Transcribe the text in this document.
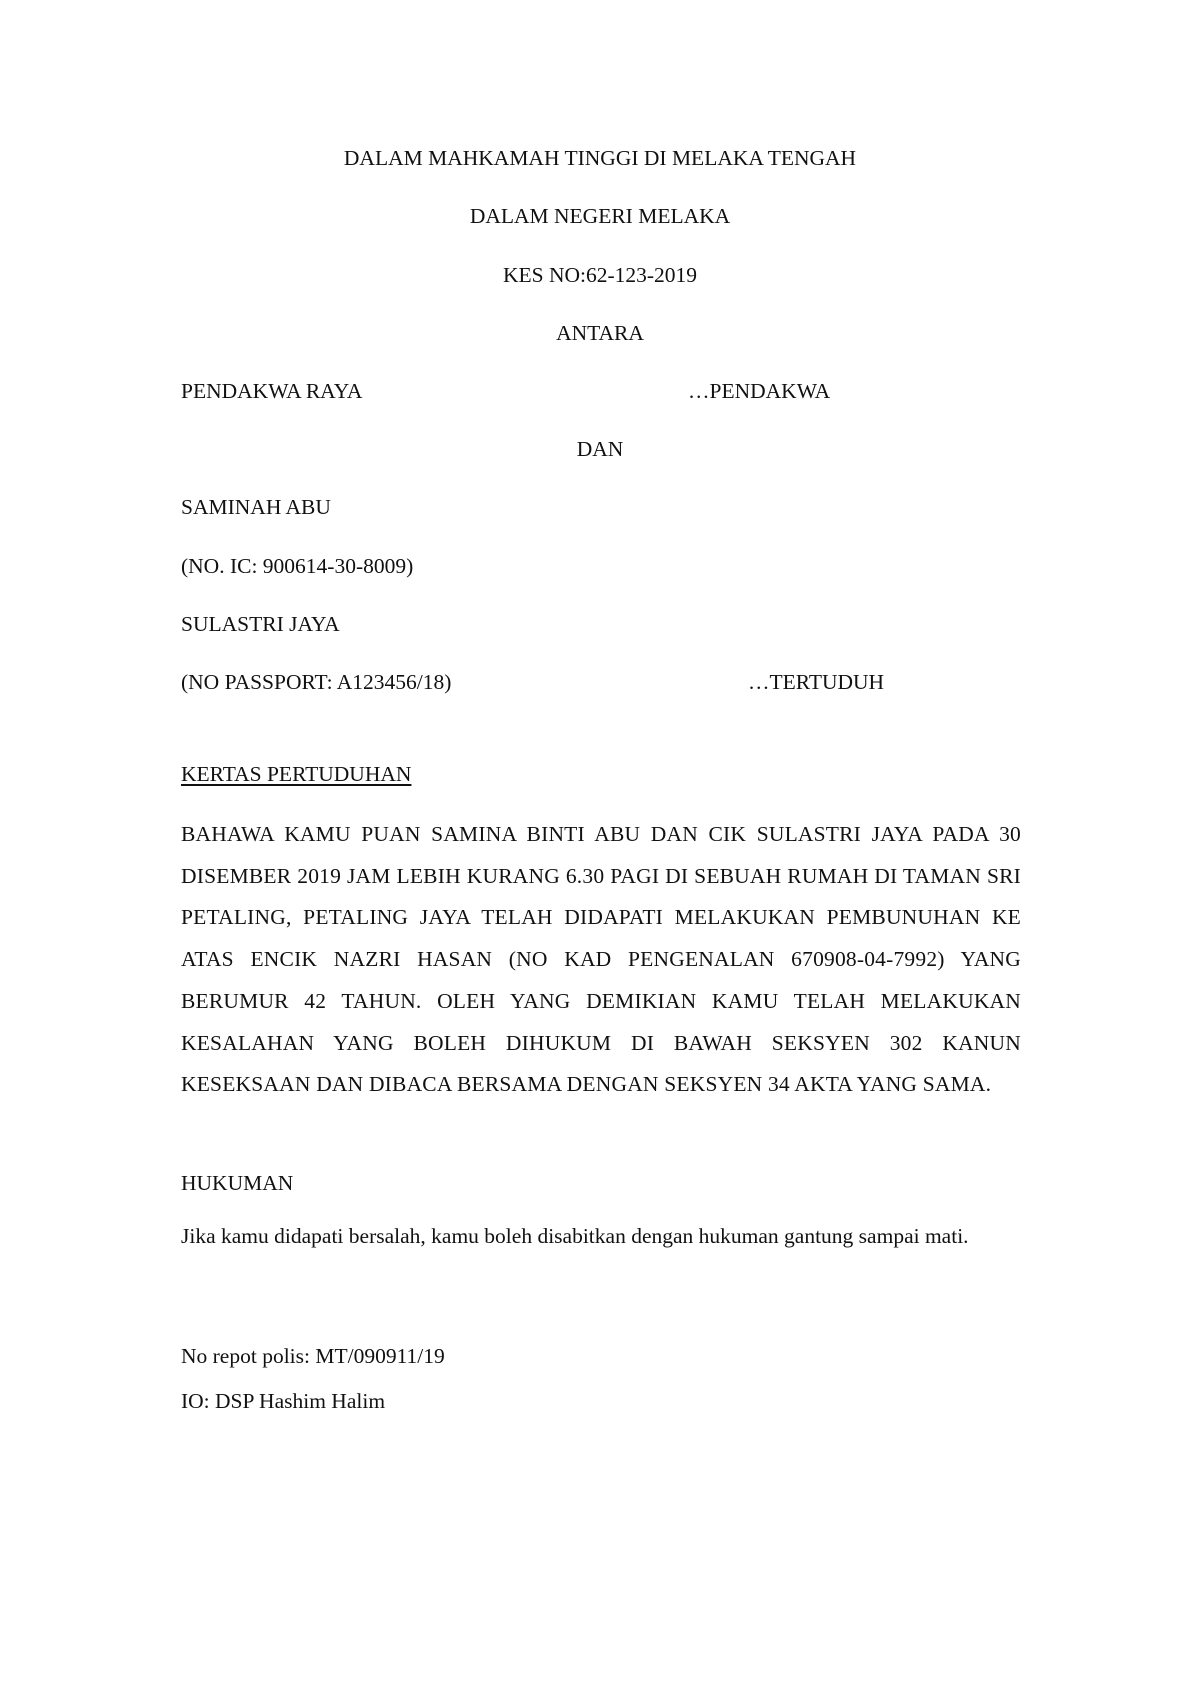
DALAM MAHKAMAH TINGGI DI MELAKA TENGAH
DALAM NEGERI MELAKA
KES NO:62-123-2019
ANTARA
PENDAKWA RAYA	…PENDAKWA
DAN
SAMINAH ABU
(NO. IC: 900614-30-8009)
SULASTRI JAYA
(NO PASSPORT: A123456/18)	…TERTUDUH
KERTAS PERTUDUHAN
BAHAWA KAMU PUAN SAMINA BINTI ABU DAN CIK SULASTRI JAYA PADA 30 DISEMBER 2019 JAM LEBIH KURANG 6.30 PAGI DI SEBUAH RUMAH DI TAMAN SRI PETALING, PETALING JAYA TELAH DIDAPATI MELAKUKAN PEMBUNUHAN KE ATAS ENCIK NAZRI HASAN (NO KAD PENGENALAN 670908-04-7992) YANG BERUMUR 42 TAHUN. OLEH YANG DEMIKIAN KAMU TELAH MELAKUKAN KESALAHAN YANG BOLEH DIHUKUM DI BAWAH SEKSYEN 302 KANUN KESEKSAAN DAN DIBACA BERSAMA DENGAN SEKSYEN 34 AKTA YANG SAMA.
HUKUMAN
Jika kamu didapati bersalah, kamu boleh disabitkan dengan hukuman gantung sampai mati.
No repot polis: MT/090911/19
IO: DSP Hashim Halim
